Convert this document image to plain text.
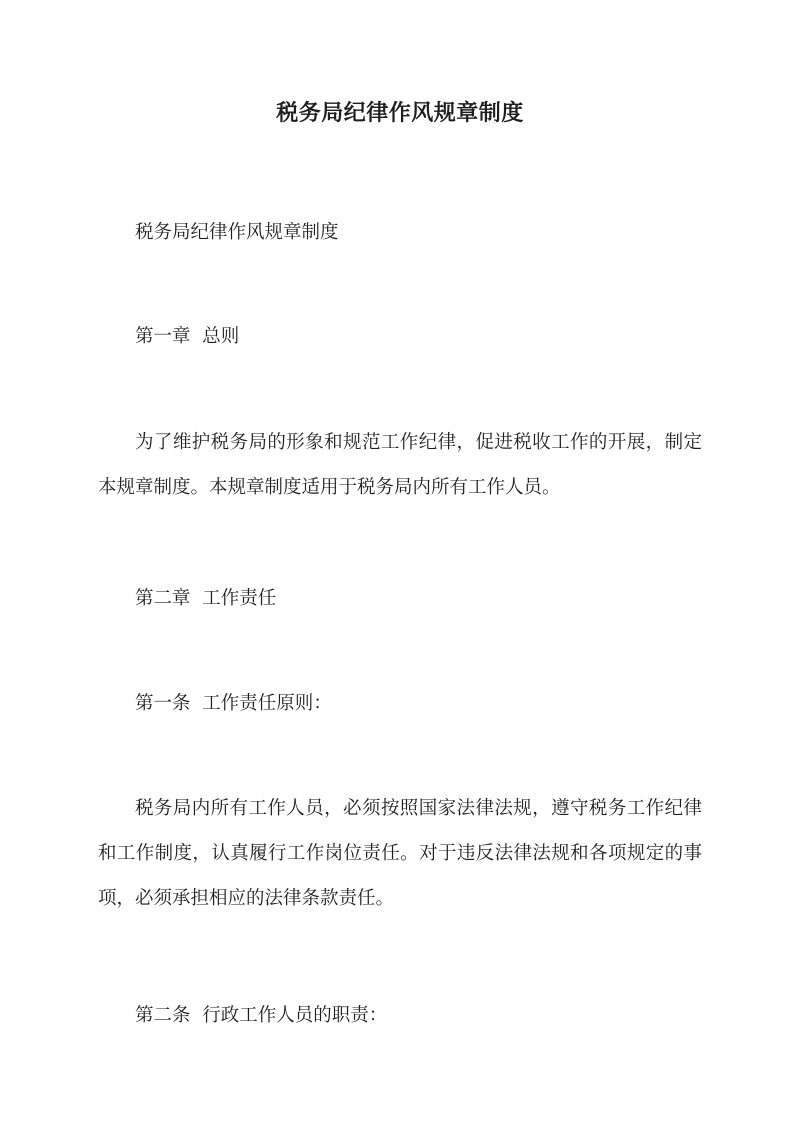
税务局纪律作风规章制度

税务局纪律作风规章制度

第一章  总则

为了维护税务局的形象和规范工作纪律，促进税收工作的开展，制定本规章制度。本规章制度适用于税务局内所有工作人员。

第二章  工作责任

第一条  工作责任原则：

税务局内所有工作人员，必须按照国家法律法规，遵守税务工作纪律和工作制度，认真履行工作岗位责任。对于违反法律法规和各项规定的事项，必须承担相应的法律条款责任。

第二条  行政工作人员的职责：
